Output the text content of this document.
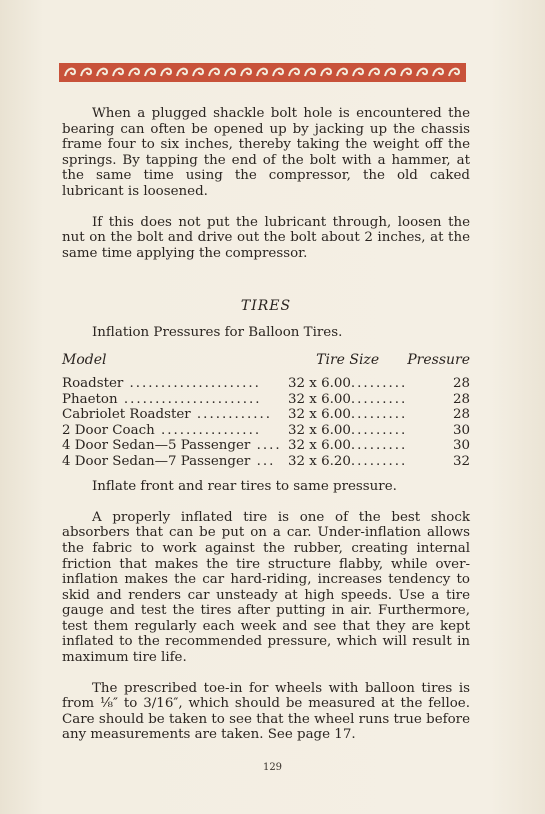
When a plugged shackle bolt hole is encountered the bearing can often be opened up by jacking up the chassis frame four to six inches, thereby taking the weight off the springs. By tapping the end of the bolt with a hammer, at the same time using the compressor, the old caked lubricant is loosened.

If this does not put the lubricant through, loosen the nut on the bolt and drive out the bolt about 2 inches, at the same time applying the compressor.

TIRES

Inflation Pressures for Balloon Tires.

Model	Tire Size	Pressure
Roadster .....................	32 x 6.00.........	28
Phaeton ......................	32 x 6.00.........	28
Cabriolet Roadster ............	32 x 6.00.........	28
2 Door Coach ................	32 x 6.00.........	30
4 Door Sedan—5 Passenger ....	32 x 6.00.........	30
4 Door Sedan—7 Passenger ...	32 x 6.20.........	32

Inflate front and rear tires to same pressure.

A properly inflated tire is one of the best shock absorbers that can be put on a car. Under-inflation allows the fabric to work against the rubber, creating internal friction that makes the tire structure flabby, while over-inflation makes the car hard-riding, increases tendency to skid and renders car unsteady at high speeds. Use a tire gauge and test the tires after putting in air. Furthermore, test them regularly each week and see that they are kept inflated to the recommended pressure, which will result in maximum tire life.

The prescribed toe-in for wheels with balloon tires is from ⅛″ to 3/16″, which should be measured at the felloe. Care should be taken to see that the wheel runs true before any measurements are taken. See page 17.

129
